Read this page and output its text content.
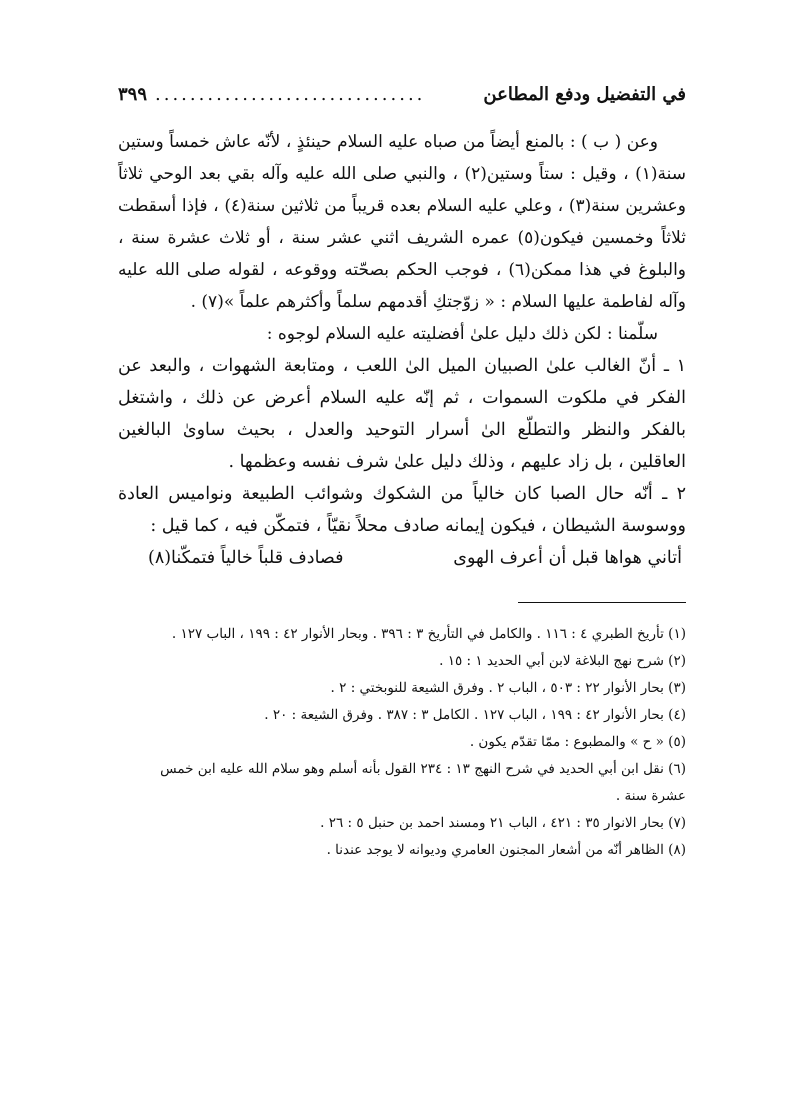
في التفضيل ودفع المطاعن
...............................
٣٩٩

وعن ( ب ) : بالمنع أيضاً من صباه عليه السلام حينئذٍ ، لأنّه عاش خمساً وستين سنة(١) ، وقيل : ستاً وستين(٢) ، والنبي صلى الله عليه وآله بقي بعد الوحي ثلاثاً وعشرين سنة(٣) ، وعلي عليه السلام بعده قريباً من ثلاثين سنة(٤) ، فإذا أسقطت ثلاثاً وخمسين فيكون(٥) عمره الشريف اثني عشر سنة ، أو ثلاث عشرة سنة ، والبلوغ في هذا ممكن(٦) ، فوجب الحكم بصحّته ووقوعه ، لقوله صلى الله عليه وآله لفاطمة عليها السلام : « زوّجتكِ أقدمهم سلماً وأكثرهم علماً »(٧) .

سلّمنا : لكن ذلك دليل علىٰ أفضليته عليه السلام لوجوه :

١ ـ أنّ الغالب علىٰ الصبيان الميل الىٰ اللعب ، ومتابعة الشهوات ، والبعد عن الفكر في ملكوت السموات ، ثم إنّه عليه السلام أعرض عن ذلك ، واشتغل بالفكر والنظر والتطلّع الىٰ أسرار التوحيد والعدل ، بحيث ساوىٰ البالغين العاقلين ، بل زاد عليهم ، وذلك دليل علىٰ شرف نفسه وعظمها .

٢ ـ أنّه حال الصبا كان خالياً من الشكوك وشوائب الطبيعة ونواميس العادة ووسوسة الشيطان ، فيكون إيمانه صادف محلاً نقيّاً ، فتمكّن فيه ، كما قيل :

أتاني هواها قبل أن أعرف الهوى
فصادف قلباً خالياً فتمكّنا(٨)

(١) تأريخ الطبري ٤ : ١١٦ . والكامل في التأريخ ٣ : ٣٩٦ . وبحار الأنوار ٤٢ : ١٩٩ ، الباب ١٢٧ .

(٢) شرح نهج البلاغة لابن أبي الحديد ١ : ١٥ .

(٣) بحار الأنوار ٢٢ : ٥٠٣ ، الباب ٢ . وفرق الشيعة للنوبختي : ٢ .

(٤) بحار الأنوار ٤٢ : ١٩٩ ، الباب ١٢٧ . الكامل ٣ : ٣٨٧ . وفرق الشيعة : ٢٠ .

(٥) « ح » والمطبوع : ممّا تقدّم يكون .

(٦) نقل ابن أبي الحديد في شرح النهج ١٣ : ٢٣٤ القول بأنه أسلم وهو سلام الله عليه ابن خمس

عشرة سنة .

(٧) بحار الانوار ٣٥ : ٤٢١ ، الباب ٢١ ومسند احمد بن حنبل ٥ : ٢٦ .

(٨) الظاهر أنّه من أشعار المجنون العامري وديوانه لا يوجد عندنا .
